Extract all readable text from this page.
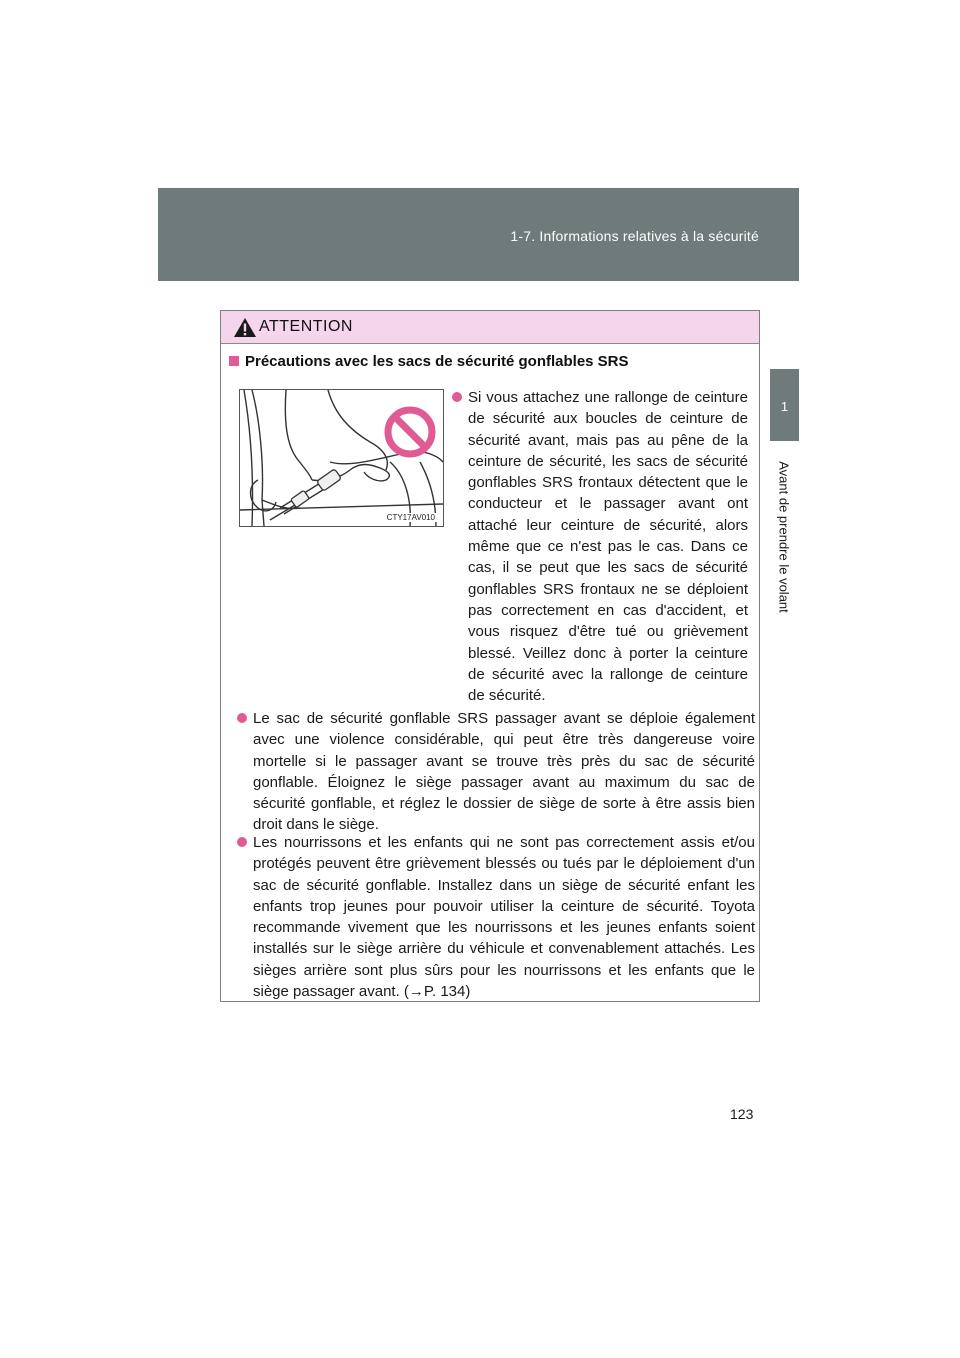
1-7. Informations relatives à la sécurité
1
Avant de prendre le volant
ATTENTION
Précautions avec les sacs de sécurité gonflables SRS
CTY17AV010
Si vous attachez une rallonge de ceinture de sécurité aux boucles de ceinture de sécurité avant, mais pas au pêne de la ceinture de sécurité, les sacs de sécurité gonflables SRS frontaux détectent que le conducteur et le passager avant ont attaché leur ceinture de sécurité, alors même que ce n'est pas le cas. Dans ce cas, il se peut que les sacs de sécurité gonflables SRS frontaux ne se déploient pas correctement en cas d'accident, et vous risquez d'être tué ou grièvement blessé. Veillez donc à porter la ceinture de sécurité avec la rallonge de ceinture de sécurité.
Le sac de sécurité gonflable SRS passager avant se déploie également avec une violence considérable, qui peut être très dangereuse voire mortelle si le passager avant se trouve très près du sac de sécurité gonflable. Éloignez le siège passager avant au maximum du sac de sécurité gonflable, et réglez le dossier de siège de sorte à être assis bien droit dans le siège.
Les nourrissons et les enfants qui ne sont pas correctement assis et/ou protégés peuvent être grièvement blessés ou tués par le déploiement d'un sac de sécurité gonflable. Installez dans un siège de sécurité enfant les enfants trop jeunes pour pouvoir utiliser la ceinture de sécurité. Toyota recommande vivement que les nourrissons et les jeunes enfants soient installés sur le siège arrière du véhicule et convenablement attachés. Les sièges arrière sont plus sûrs pour les nourrissons et les enfants que le siège passager avant. (→P. 134)
123
